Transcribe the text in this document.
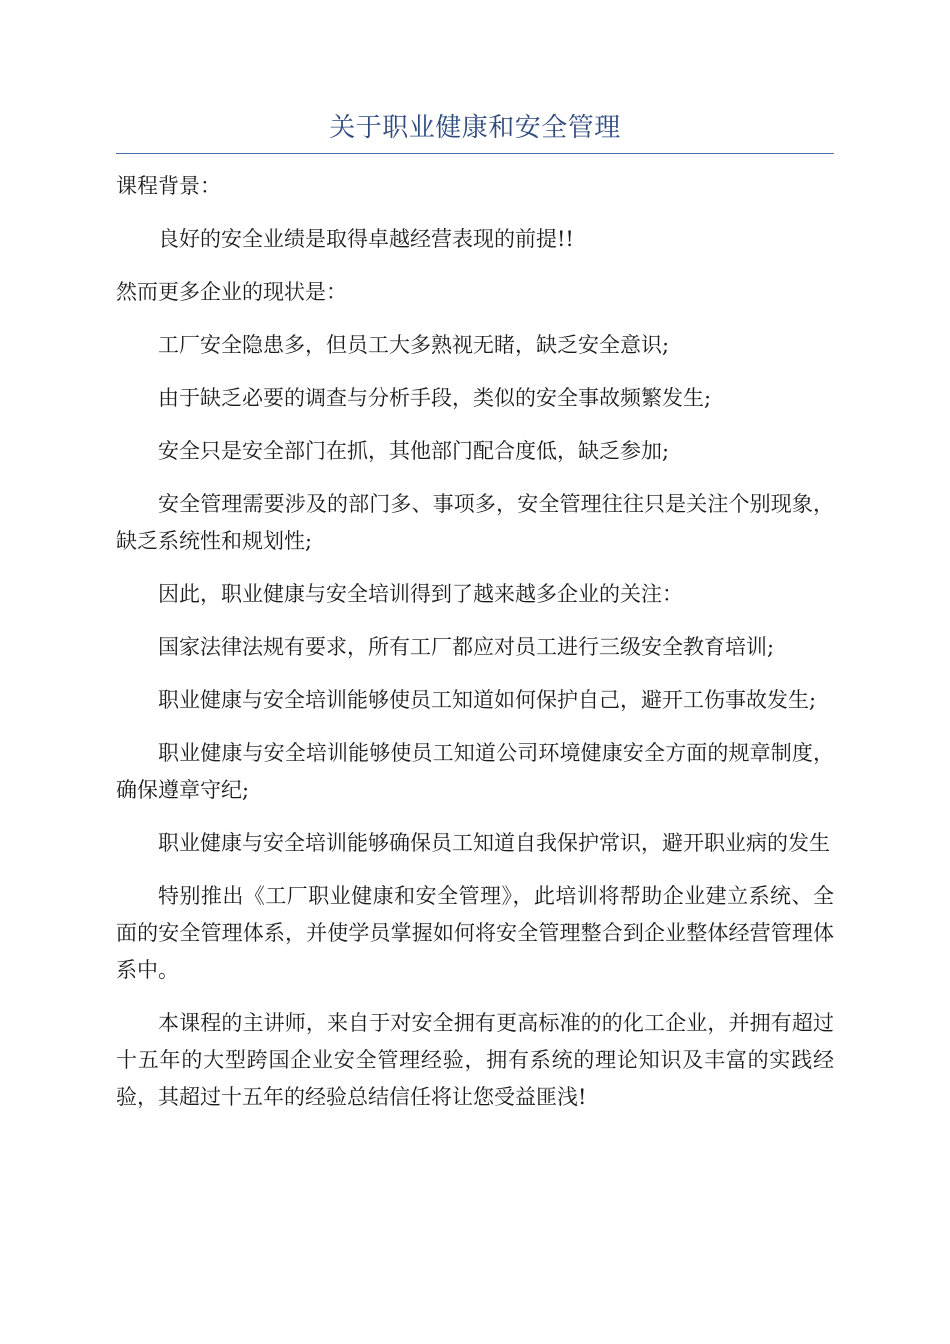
关于职业健康和安全管理

课程背景：

良好的安全业绩是取得卓越经营表现的前提!!

然而更多企业的现状是：

工厂安全隐患多，但员工大多熟视无睹，缺乏安全意识;

由于缺乏必要的调查与分析手段，类似的安全事故频繁发生;

安全只是安全部门在抓，其他部门配合度低，缺乏参加;

安全管理需要涉及的部门多、事项多，安全管理往往只是关注个别现象，缺乏系统性和规划性;

因此，职业健康与安全培训得到了越来越多企业的关注：

国家法律法规有要求，所有工厂都应对员工进行三级安全教育培训;

职业健康与安全培训能够使员工知道如何保护自己，避开工伤事故发生;

职业健康与安全培训能够使员工知道公司环境健康安全方面的规章制度，确保遵章守纪;

职业健康与安全培训能够确保员工知道自我保护常识，避开职业病的发生

特别推出《工厂职业健康和安全管理》，此培训将帮助企业建立系统、全面的安全管理体系，并使学员掌握如何将安全管理整合到企业整体经营管理体系中。

本课程的主讲师，来自于对安全拥有更高标准的的化工企业，并拥有超过十五年的大型跨国企业安全管理经验，拥有系统的理论知识及丰富的实践经验，其超过十五年的经验总结信任将让您受益匪浅!
